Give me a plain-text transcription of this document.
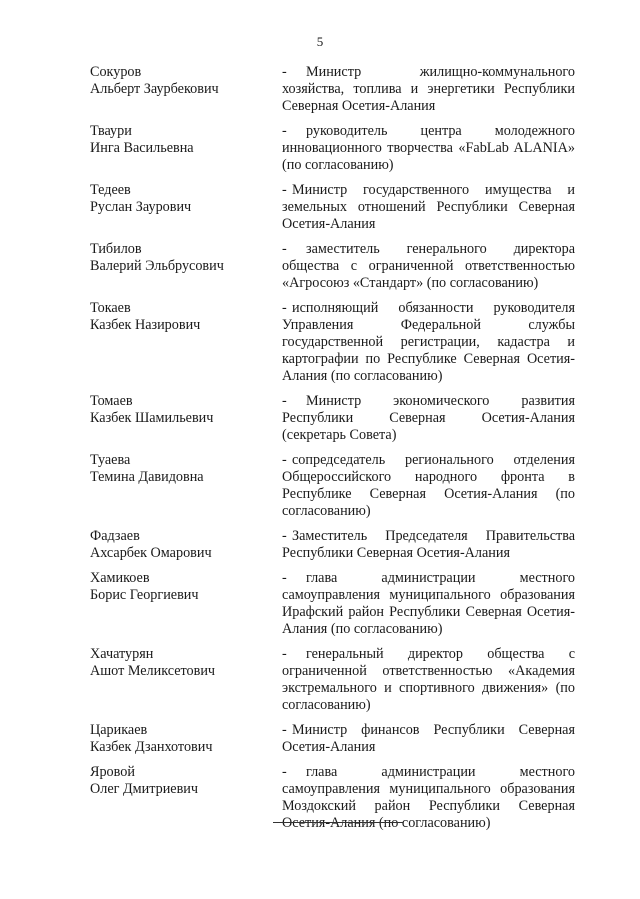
5
Сокуров
Альберт Заурбекович
- Министр жилищно-коммунального хозяйства, топлива и энергетики Республики Северная Осетия-Алания
Тваури
Инга Васильевна
- руководитель центра молодежного инновационного творчества «FabLab ALANIA» (по согласованию)
Тедеев
Руслан Заурович
- Министр государственного имущества и земельных отношений Республики Северная Осетия-Алания
Тибилов
Валерий Эльбрусович
- заместитель генерального директора общества с ограниченной ответственностью «Агросоюз «Стандарт» (по согласованию)
Токаев
Казбек Назирович
- исполняющий обязанности руководителя Управления Федеральной службы государственной регистрации, кадастра и картографии по Республике Северная Осетия-Алания (по согласованию)
Томаев
Казбек Шамильевич
- Министр экономического развития Республики Северная Осетия-Алания (секретарь Совета)
Туаева
Темина Давидовна
- сопредседатель регионального отделения Общероссийского народного фронта в Республике Северная Осетия-Алания (по согласованию)
Фадзаев
Ахсарбек Омарович
- Заместитель Председателя Правительства Республики Северная Осетия-Алания
Хамикоев
Борис Георгиевич
- глава администрации местного самоуправления муниципального образования Ирафский район Республики Северная Осетия-Алания (по согласованию)
Хачатурян
Ашот Меликсетович
- генеральный директор общества с ограниченной ответственностью «Академия экстремального и спортивного движения» (по согласованию)
Царикаев
Казбек Дзанхотович
- Министр финансов Республики Северная Осетия-Алания
Яровой
Олег Дмитриевич
- глава администрации местного самоуправления муниципального образования Моздокский район Республики Северная Осетия-Алания (по согласованию)
